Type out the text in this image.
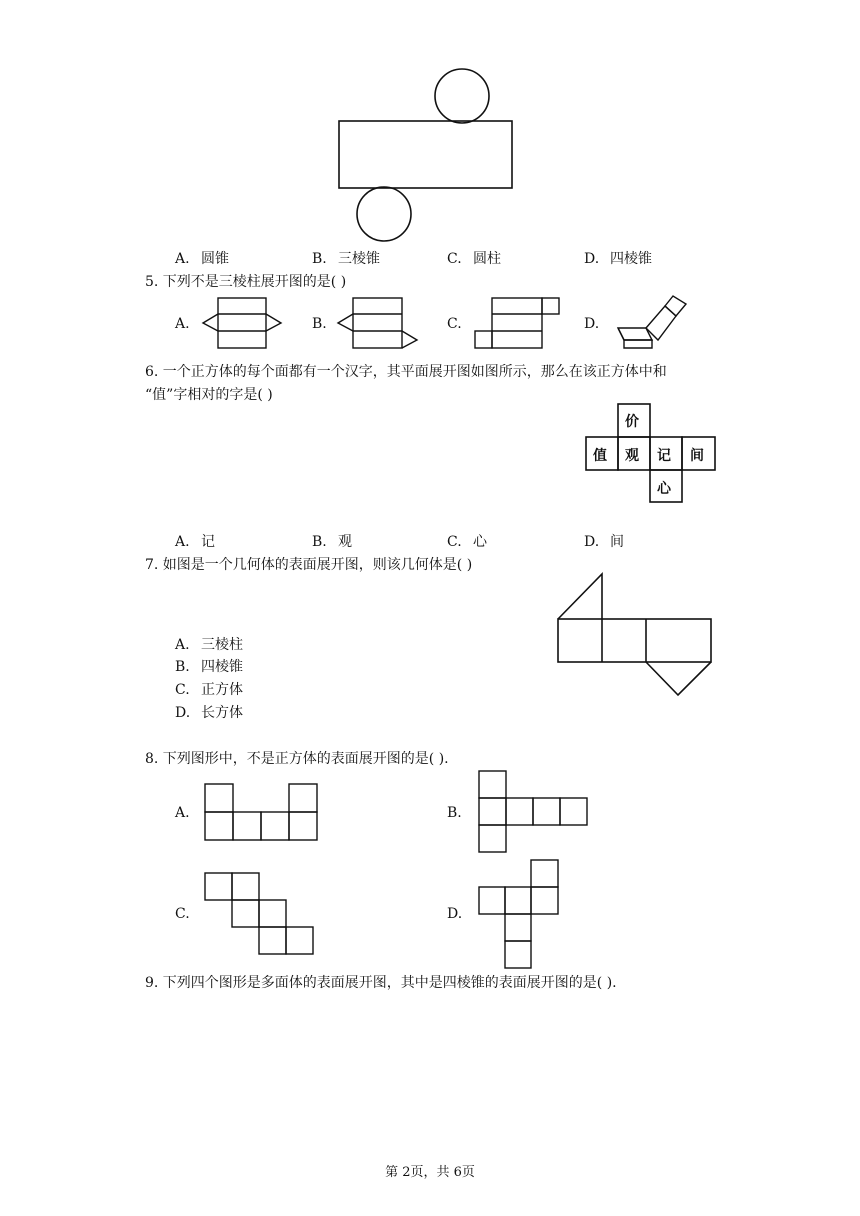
A. 圆锥	B. 三棱锥	C. 圆柱	D. 四棱锥
5. 下列不是三棱柱展开图的是( )
A.	B.	C.	D.
6. 一个正方体的每个面都有一个汉字，其平面展开图如图所示，那么在该正方体中和
“值”字相对的字是( )
价
值 观 记 间
心
A. 记	B. 观	C. 心	D. 间
7. 如图是一个几何体的表面展开图，则该几何体是( )
A. 三棱柱
B. 四棱锥
C. 正方体
D. 长方体
8. 下列图形中，不是正方体的表面展开图的是( ).
A.	B.
C.	D.
9. 下列四个图形是多面体的表面展开图，其中是四棱锥的表面展开图的是( ).
第 2页，共 6页
